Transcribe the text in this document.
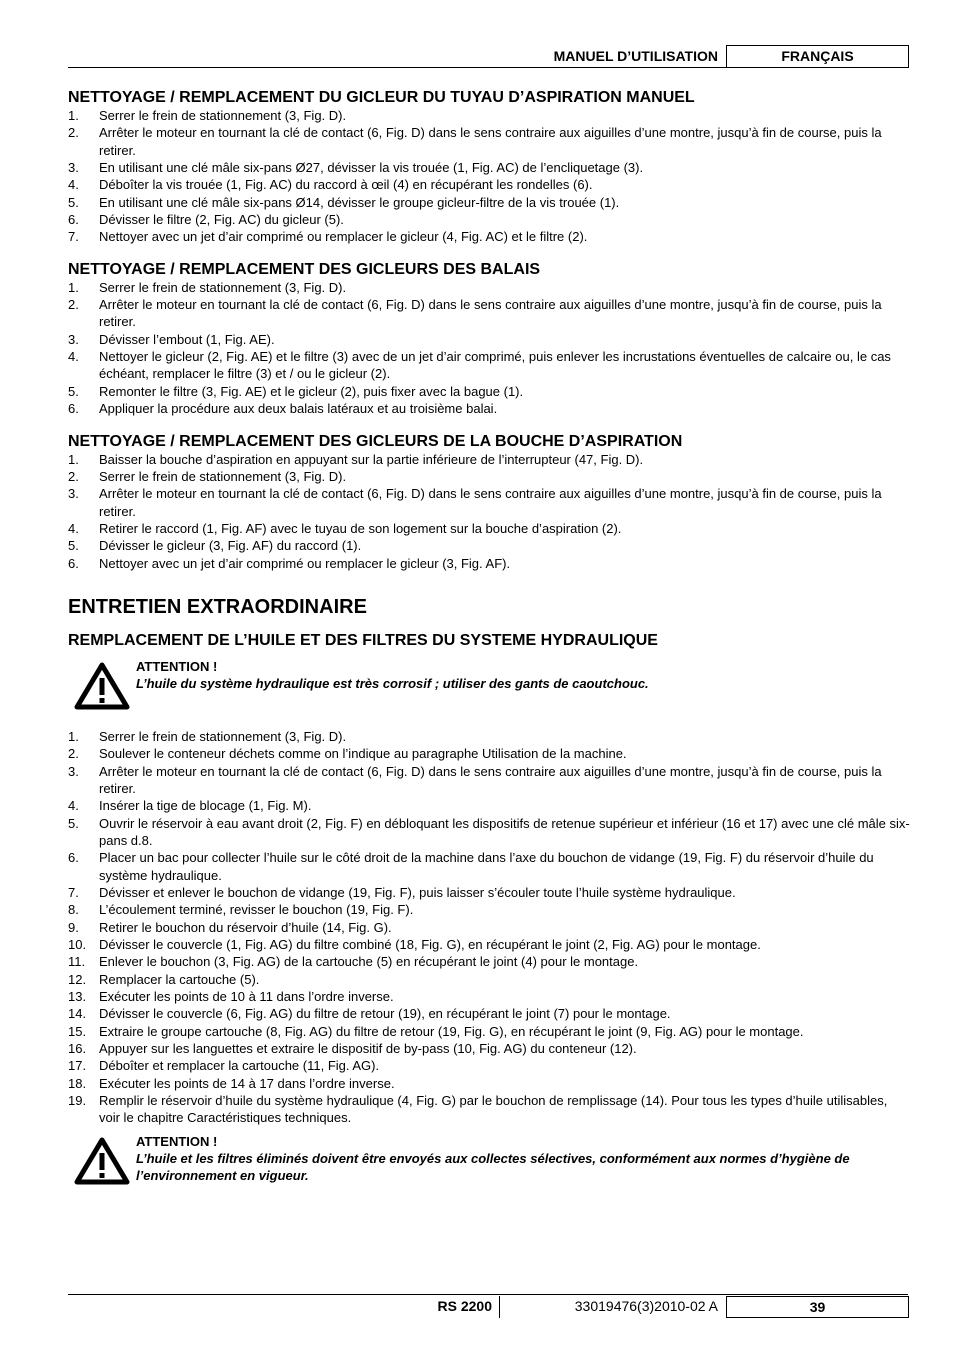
MANUEL D’UTILISATION	FRANÇAIS
NETTOYAGE / REMPLACEMENT DU GICLEUR DU TUYAU D’ASPIRATION MANUEL
1. Serrer le frein de stationnement (3, Fig. D).
2. Arrêter le moteur en tournant la clé de contact (6, Fig. D) dans le sens contraire aux aiguilles d’une montre, jusqu’à fin de course, puis la retirer.
3. En utilisant une clé mâle six-pans Ø27, dévisser la vis trouée (1, Fig. AC) de l’encliquetage (3).
4. Déboîter la vis trouée (1, Fig. AC) du raccord à œil (4) en récupérant les rondelles (6).
5. En utilisant une clé mâle six-pans Ø14, dévisser le groupe gicleur-filtre de la vis trouée (1).
6. Dévisser le filtre (2, Fig. AC) du gicleur (5).
7. Nettoyer avec un jet d’air comprimé ou remplacer le gicleur (4, Fig. AC) et le filtre (2).
NETTOYAGE / REMPLACEMENT DES GICLEURS DES BALAIS
1. Serrer le frein de stationnement (3, Fig. D).
2. Arrêter le moteur en tournant la clé de contact (6, Fig. D) dans le sens contraire aux aiguilles d’une montre, jusqu’à fin de course, puis la retirer.
3. Dévisser l’embout (1, Fig. AE).
4. Nettoyer le gicleur (2, Fig. AE) et le filtre (3) avec de un jet d’air comprimé, puis enlever les incrustations éventuelles de calcaire ou, le cas échéant, remplacer le filtre (3) et / ou le gicleur (2).
5. Remonter le filtre (3, Fig. AE) et le gicleur (2), puis fixer avec la bague (1).
6. Appliquer la procédure aux deux balais latéraux et au troisième balai.
NETTOYAGE / REMPLACEMENT DES GICLEURS DE LA BOUCHE D’ASPIRATION
1. Baisser la bouche d’aspiration en appuyant sur la partie inférieure de l’interrupteur (47, Fig. D).
2. Serrer le frein de stationnement (3, Fig. D).
3. Arrêter le moteur en tournant la clé de contact (6, Fig. D) dans le sens contraire aux aiguilles d’une montre, jusqu’à fin de course, puis la retirer.
4. Retirer le raccord (1, Fig. AF) avec le tuyau de son logement sur la bouche d’aspiration (2).
5. Dévisser le gicleur (3, Fig. AF) du raccord (1).
6. Nettoyer avec un jet d’air comprimé ou remplacer le gicleur (3, Fig. AF).
ENTRETIEN EXTRAORDINAIRE
REMPLACEMENT DE L’HUILE ET DES FILTRES DU SYSTEME HYDRAULIQUE
ATTENTION !
L’huile du système hydraulique est très corrosif ; utiliser des gants de caoutchouc.
1. Serrer le frein de stationnement (3, Fig. D).
2. Soulever le conteneur déchets comme on l’indique au paragraphe Utilisation de la machine.
3. Arrêter le moteur en tournant la clé de contact (6, Fig. D) dans le sens contraire aux aiguilles d’une montre, jusqu’à fin de course, puis la retirer.
4. Insérer la tige de blocage (1, Fig. M).
5. Ouvrir le réservoir à eau avant droit (2, Fig. F) en débloquant les dispositifs de retenue supérieur et inférieur (16 et 17) avec une clé mâle six-pans d.8.
6. Placer un bac pour collecter l’huile sur le côté droit de la machine dans l’axe du bouchon de vidange (19, Fig. F) du réservoir d’huile du système hydraulique.
7. Dévisser et enlever le bouchon de vidange (19, Fig. F), puis laisser s’écouler toute l’huile système hydraulique.
8. L’écoulement terminé, revisser le bouchon (19, Fig. F).
9. Retirer le bouchon du réservoir d’huile (14, Fig. G).
10. Dévisser le couvercle (1, Fig. AG) du filtre combiné (18, Fig. G), en récupérant le joint (2, Fig. AG) pour le montage.
11. Enlever le bouchon (3, Fig. AG) de la cartouche (5) en récupérant le joint (4) pour le montage.
12. Remplacer la cartouche (5).
13. Exécuter les points de 10 à 11 dans l’ordre inverse.
14. Dévisser le couvercle (6, Fig. AG) du filtre de retour (19), en récupérant le joint (7) pour le montage.
15. Extraire le groupe cartouche (8, Fig. AG) du filtre de retour (19, Fig. G), en récupérant le joint (9, Fig. AG) pour le montage.
16. Appuyer sur les languettes et extraire le dispositif de by-pass (10, Fig. AG) du conteneur (12).
17. Déboîter et remplacer la cartouche (11, Fig. AG).
18. Exécuter les points de 14 à 17 dans l’ordre inverse.
19. Remplir le réservoir d’huile du système hydraulique (4, Fig. G) par le bouchon de remplissage (14). Pour tous les types d’huile utilisables, voir le chapitre Caractéristiques techniques.
ATTENTION !
L’huile et les filtres éliminés doivent être envoyés aux collectes sélectives, conformément aux normes d’hygiène de l’environnement en vigueur.
RS 2200	33019476(3)2010-02 A	39
